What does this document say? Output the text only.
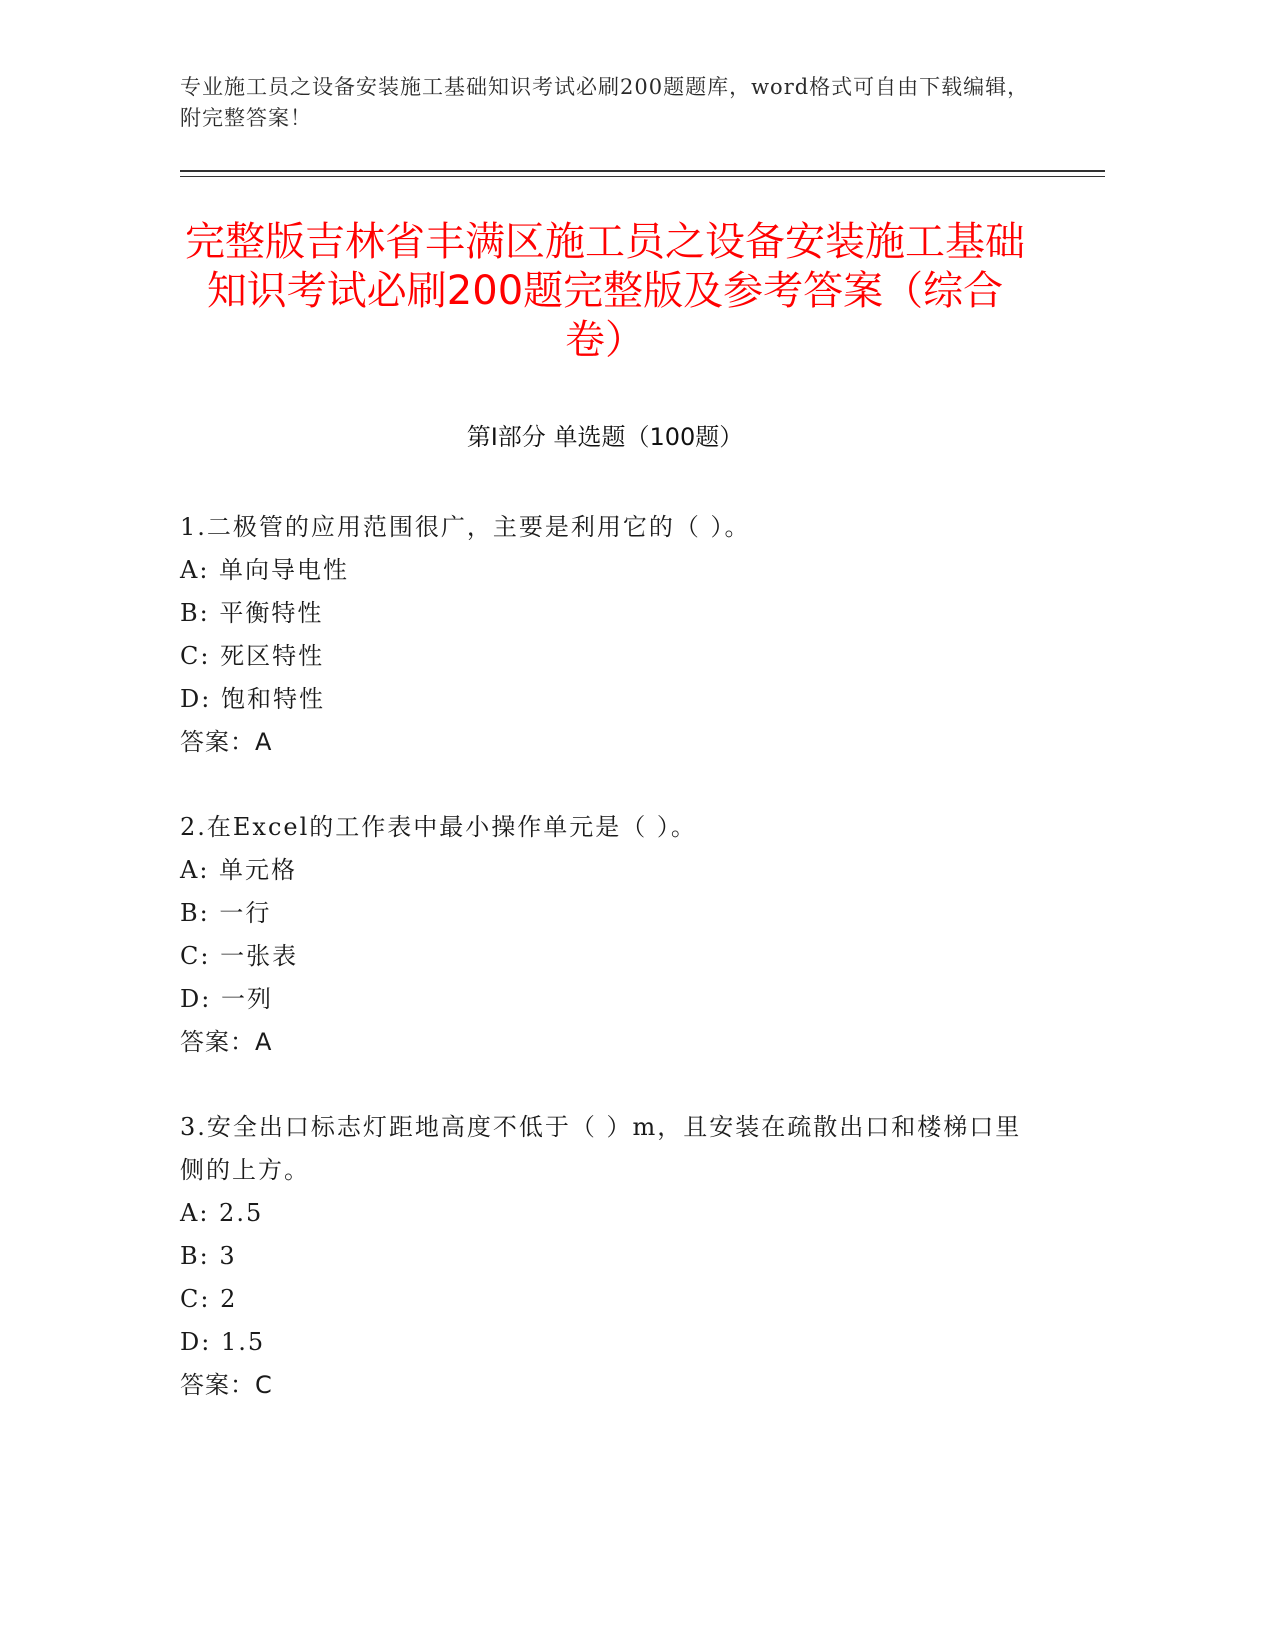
专业施工员之设备安装施工基础知识考试必刷200题题库，word格式可自由下载编辑，附完整答案！
完整版吉林省丰满区施工员之设备安装施工基础知识考试必刷200题完整版及参考答案（综合卷）
第Ⅰ部分 单选题（100题）

1.二极管的应用范围很广，主要是利用它的（ ）。

A: 单向导电性

B: 平衡特性

C: 死区特性

D: 饱和特性

答案：A

2.在Excel的工作表中最小操作单元是（ ）。

A: 单元格

B: 一行

C: 一张表

D: 一列

答案：A

3.安全出口标志灯距地高度不低于（ ）m，且安装在疏散出口和楼梯口里侧的上方。

A: 2.5

B: 3

C: 2

D: 1.5

答案：C
